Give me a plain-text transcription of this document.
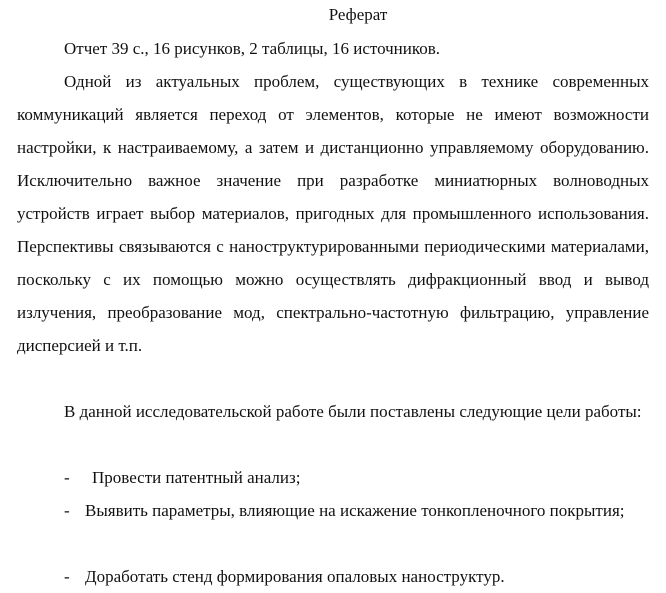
Реферат

Отчет 39 с., 16 рисунков, 2 таблицы, 16 источников.

Одной из актуальных проблем, существующих в технике современных коммуникаций является переход от элементов, которые не имеют возможности настройки, к настраиваемому, а затем и дистанционно управляемому оборудованию. Исключительно важное значение при разработке миниатюрных волноводных устройств играет выбор материалов, пригодных для промышленного использования. Перспективы связываются с наноструктурированными периодическими материалами, поскольку с их помощью можно осуществлять дифракционный ввод и вывод излучения, преобразование мод, спектрально-частотную фильтрацию, управление дисперсией и т.п.

В данной исследовательской работе были поставлены следующие цели работы:

- Провести патентный анализ;

- Выявить параметры, влияющие на искажение тонкопленочного покрытия;

- Доработать стенд формирования опаловых наноструктур.
